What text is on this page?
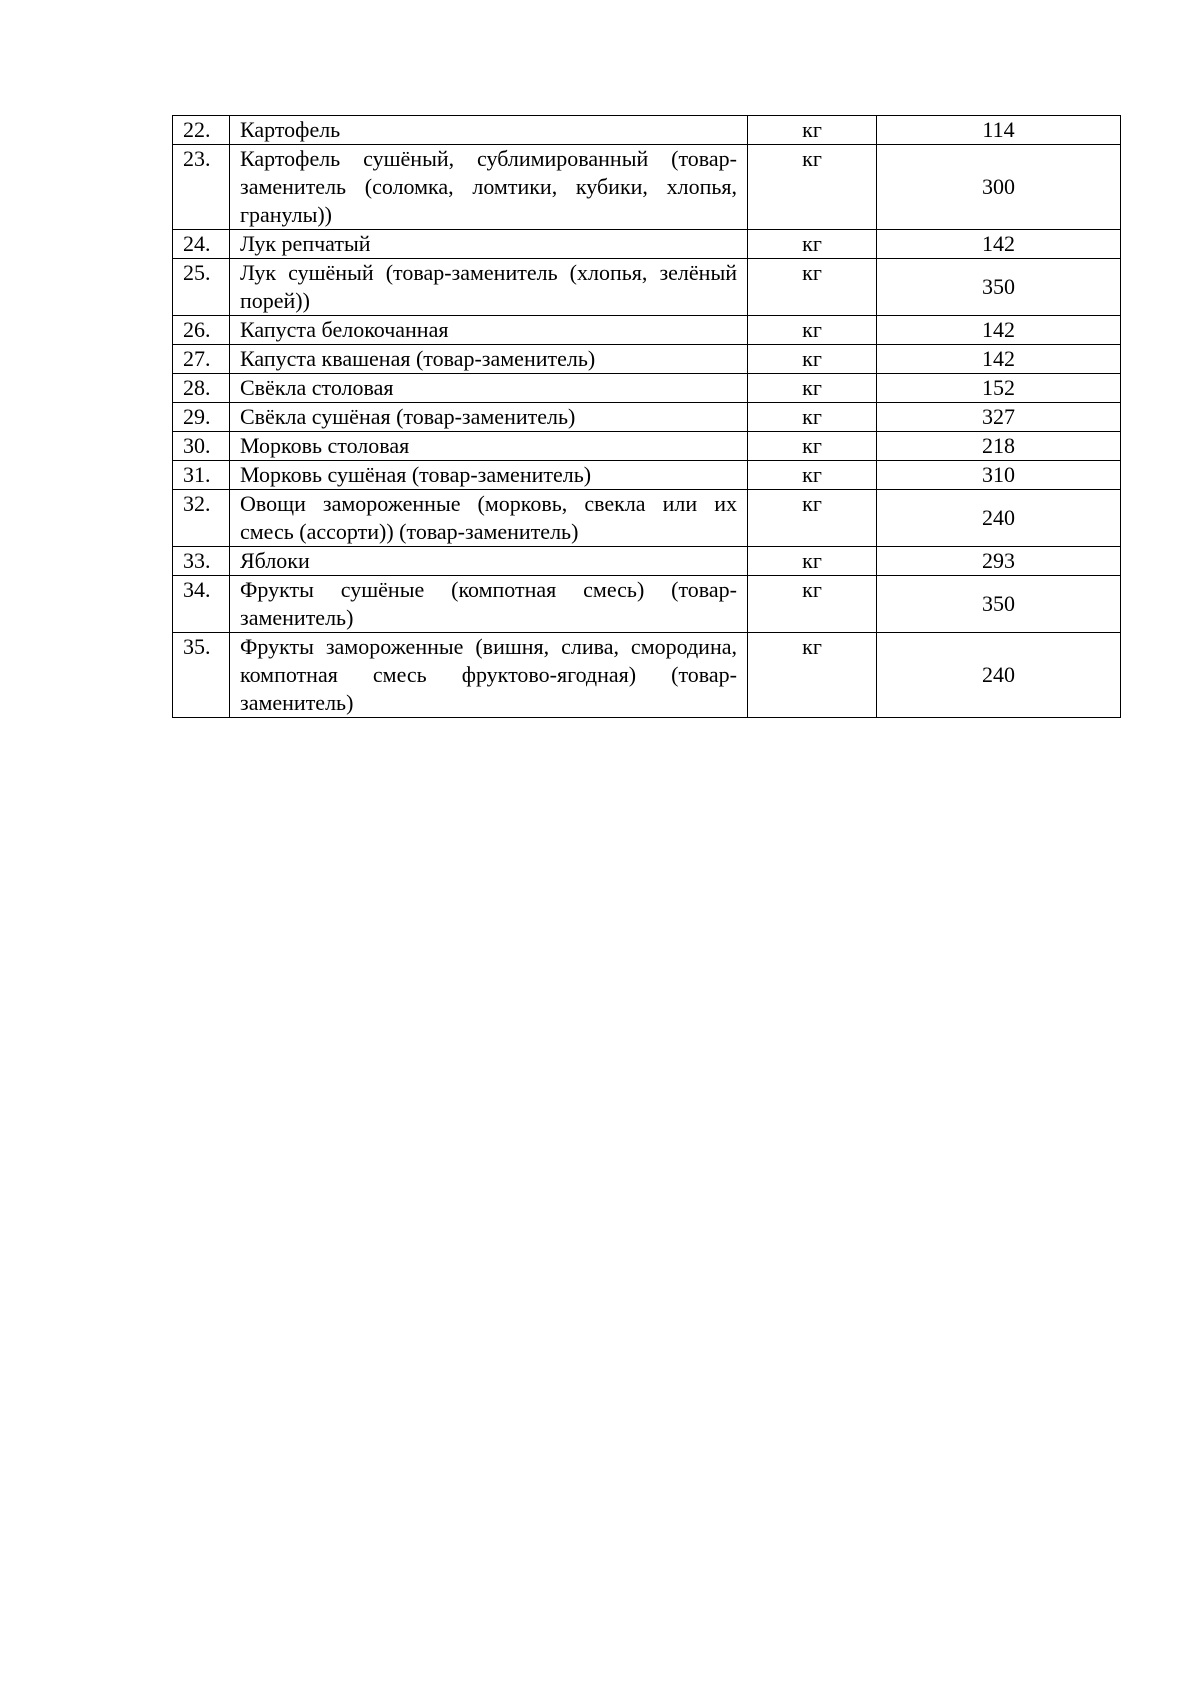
22.	Картофель	кг	114
23.	Картофель сушёный, сублимированный (товар-заменитель (соломка, ломтики, кубики, хлопья, гранулы))	кг	300
24.	Лук репчатый	кг	142
25.	Лук сушёный (товар-заменитель (хлопья, зелёный порей))	кг	350
26.	Капуста белокочанная	кг	142
27.	Капуста квашеная (товар-заменитель)	кг	142
28.	Свёкла столовая	кг	152
29.	Свёкла сушёная (товар-заменитель)	кг	327
30.	Морковь столовая	кг	218
31.	Морковь сушёная (товар-заменитель)	кг	310
32.	Овощи замороженные (морковь, свекла или их смесь (ассорти)) (товар-заменитель)	кг	240
33.	Яблоки	кг	293
34.	Фрукты сушёные (компотная смесь) (товар-заменитель)	кг	350
35.	Фрукты замороженные (вишня, слива, смородина, компотная смесь фруктово-ягодная) (товар-заменитель)	кг	240
